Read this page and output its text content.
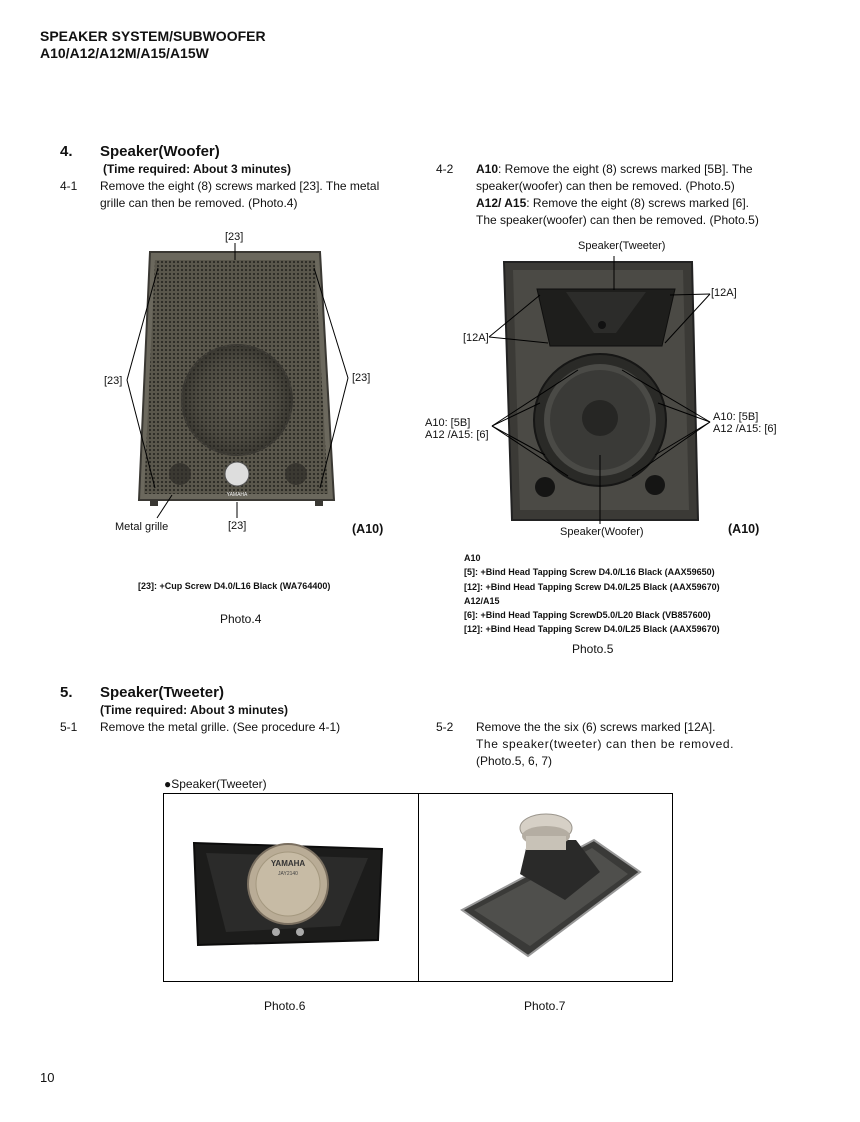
SPEAKER SYSTEM/SUBWOOFER
A10/A12/A12M/A15/A15W
4. Speaker(Woofer)
(Time required: About 3 minutes)
4-1 Remove the eight (8) screws marked [23]. The metal
grille can then be removed. (Photo.4)
4-2 A10: Remove the eight (8) screws marked [5B]. The
speaker(woofer) can then be removed. (Photo.5)
A12/ A15: Remove the eight (8) screws marked [6].
The speaker(woofer) can then be removed. (Photo.5)
YAMAHA
[23]
[23]	[23]
[23]
Metal grille	(A10)
[23]: +Cup Screw D4.0/L16 Black (WA764400)
Photo.4
Speaker(Tweeter)
[12A]
[12A]
A10: [5B]
A12 /A15: [6]
A10: [5B]
A12 /A15: [6]
Speaker(Woofer)	(A10)
A10
[5]: +Bind Head Tapping Screw D4.0/L16 Black (AAX59650)
[12]: +Bind Head Tapping Screw D4.0/L25 Black (AAX59670)
A12/A15
[6]: +Bind Head Tapping ScrewD5.0/L20 Black (VB857600)
[12]: +Bind Head Tapping Screw D4.0/L25 Black (AAX59670)
Photo.5
5. Speaker(Tweeter)
(Time required: About 3 minutes)
5-1 Remove the metal grille. (See procedure 4-1)	5-2 Remove the the six (6) screws marked [12A].
The speaker(tweeter) can then be removed.
(Photo.5, 6, 7)
●Speaker(Tweeter)
YAMAHA
JAY2140
Photo.6	Photo.7
10
